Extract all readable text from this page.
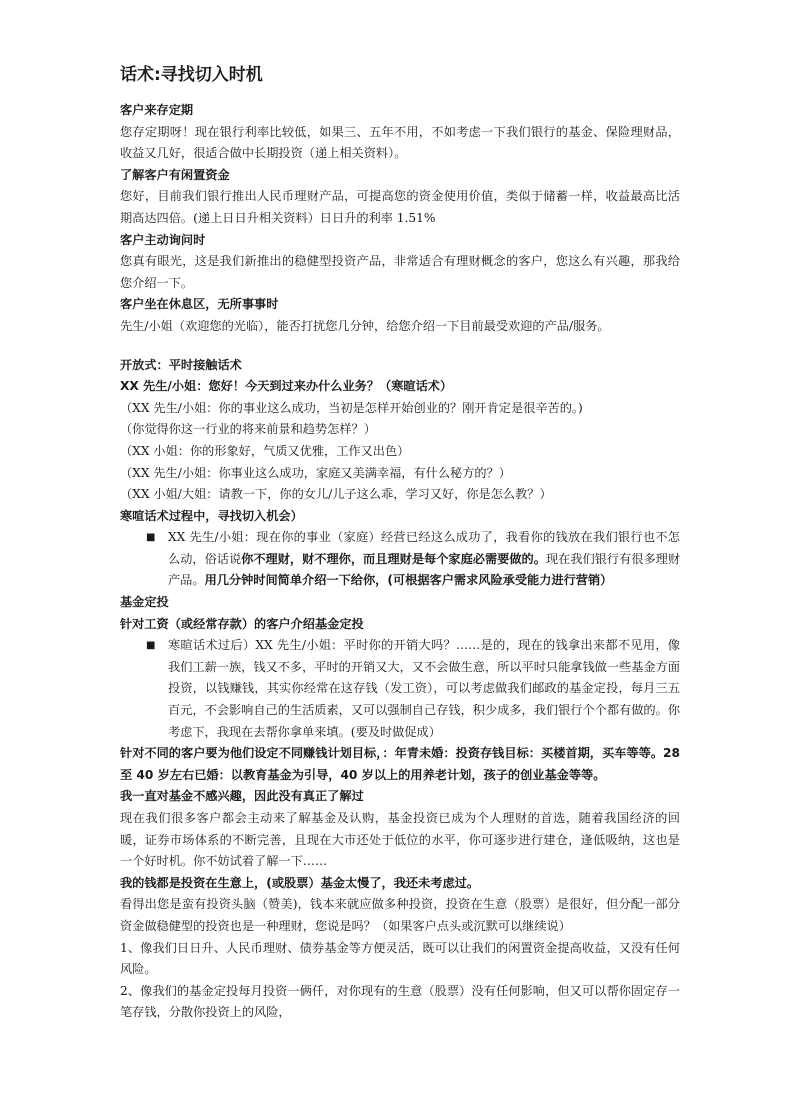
话术:寻找切入时机
客户来存定期

您存定期呀！现在银行利率比较低，如果三、五年不用，不如考虑一下我们银行的基金、保险理财品，收益又几好，很适合做中长期投资（递上相关资料）。

了解客户有闲置资金

您好，目前我们银行推出人民币理财产品，可提高您的资金使用价值，类似于储蓄一样，收益最高比活期高达四倍。(递上日日升相关资料）日日升的利率 1.51%

客户主动询问时

您真有眼光，这是我们新推出的稳健型投资产品，非常适合有理财概念的客户，您这么有兴趣，那我给您介绍一下。

客户坐在休息区，无所事事时

先生/小姐（欢迎您的光临），能否打扰您几分钟，给您介绍一下目前最受欢迎的产品/服务。

开放式：平时接触话术
XX 先生/小姐：您好！今天到过来办什么业务？（寒暄话术）

（XX 先生/小姐：你的事业这么成功，当初是怎样开始创业的？刚开肯定是很辛苦的。)

（你觉得你这一行业的将来前景和趋势怎样？）

（XX 小姐：你的形象好，气质又优雅，工作又出色）

（XX 先生/小姐：你事业这么成功，家庭又美满幸福，有什么秘方的？）

（XX 小姐/大姐：请教一下，你的女儿/儿子这么乖，学习又好，你是怎么教？）

寒喧话术过程中，寻找切入机会）
■ XX 先生/小姐：现在你的事业（家庭）经营已经这么成功了，我看你的钱放在我们银行也不怎么动，俗话说你不理财，财不理你，而且理财是每个家庭必需要做的。现在我们银行有很多理财产品。用几分钟时间简单介绍一下给你，(可根据客户需求风险承受能力进行营销）
基金定投
针对工资（或经常存款）的客户介绍基金定投
■ 寒暄话术过后）XX 先生/小姐：平时你的开销大吗？……是的，现在的钱拿出来都不见用，像我们工薪一族，钱又不多，平时的开销又大，又不会做生意，所以平时只能拿钱做一些基金方面投资，以钱赚钱，其实你经常在这存钱（发工资），可以考虑做我们邮政的基金定投，每月三五百元，不会影响自己的生活质素，又可以强制自己存钱，积少成多，我们银行个个都有做的。你考虑下，我现在去帮你拿单来填。(要及时做促成）
针对不同的客户要为他们设定不同赚钱计划目标，：年青未婚：投资存钱目标：买楼首期，买车等等。28 至 40 岁左右已婚：以教育基金为引导，40 岁以上的用养老计划，孩子的创业基金等等。
我一直对基金不感兴趣，因此没有真正了解过

现在我们很多客户都会主动来了解基金及认购，基金投资已成为个人理财的首选，随着我国经济的回暖，证券市场体系的不断完善，且现在大市还处于低位的水平，你可逐步进行建仓，逢低吸纳，这也是一个好时机。你不妨试着了解一下……

我的钱都是投资在生意上，(或股票）基金太慢了，我还未考虑过。

看得出您是蛮有投资头脑（赞美)，钱本来就应做多种投资，投资在生意（股票）是很好，但分配一部分资金做稳健型的投资也是一种理财，您说是吗？（如果客户点头或沉默可以继续说）

1、像我们日日升、人民币理财、债券基金等方便灵活，既可以让我们的闲置资金提高收益，又没有任何风险。

2、像我们的基金定投每月投资一俩仟，对你现有的生意（股票）没有任何影响，但又可以帮你固定存一笔存钱，分散你投资上的风险，
